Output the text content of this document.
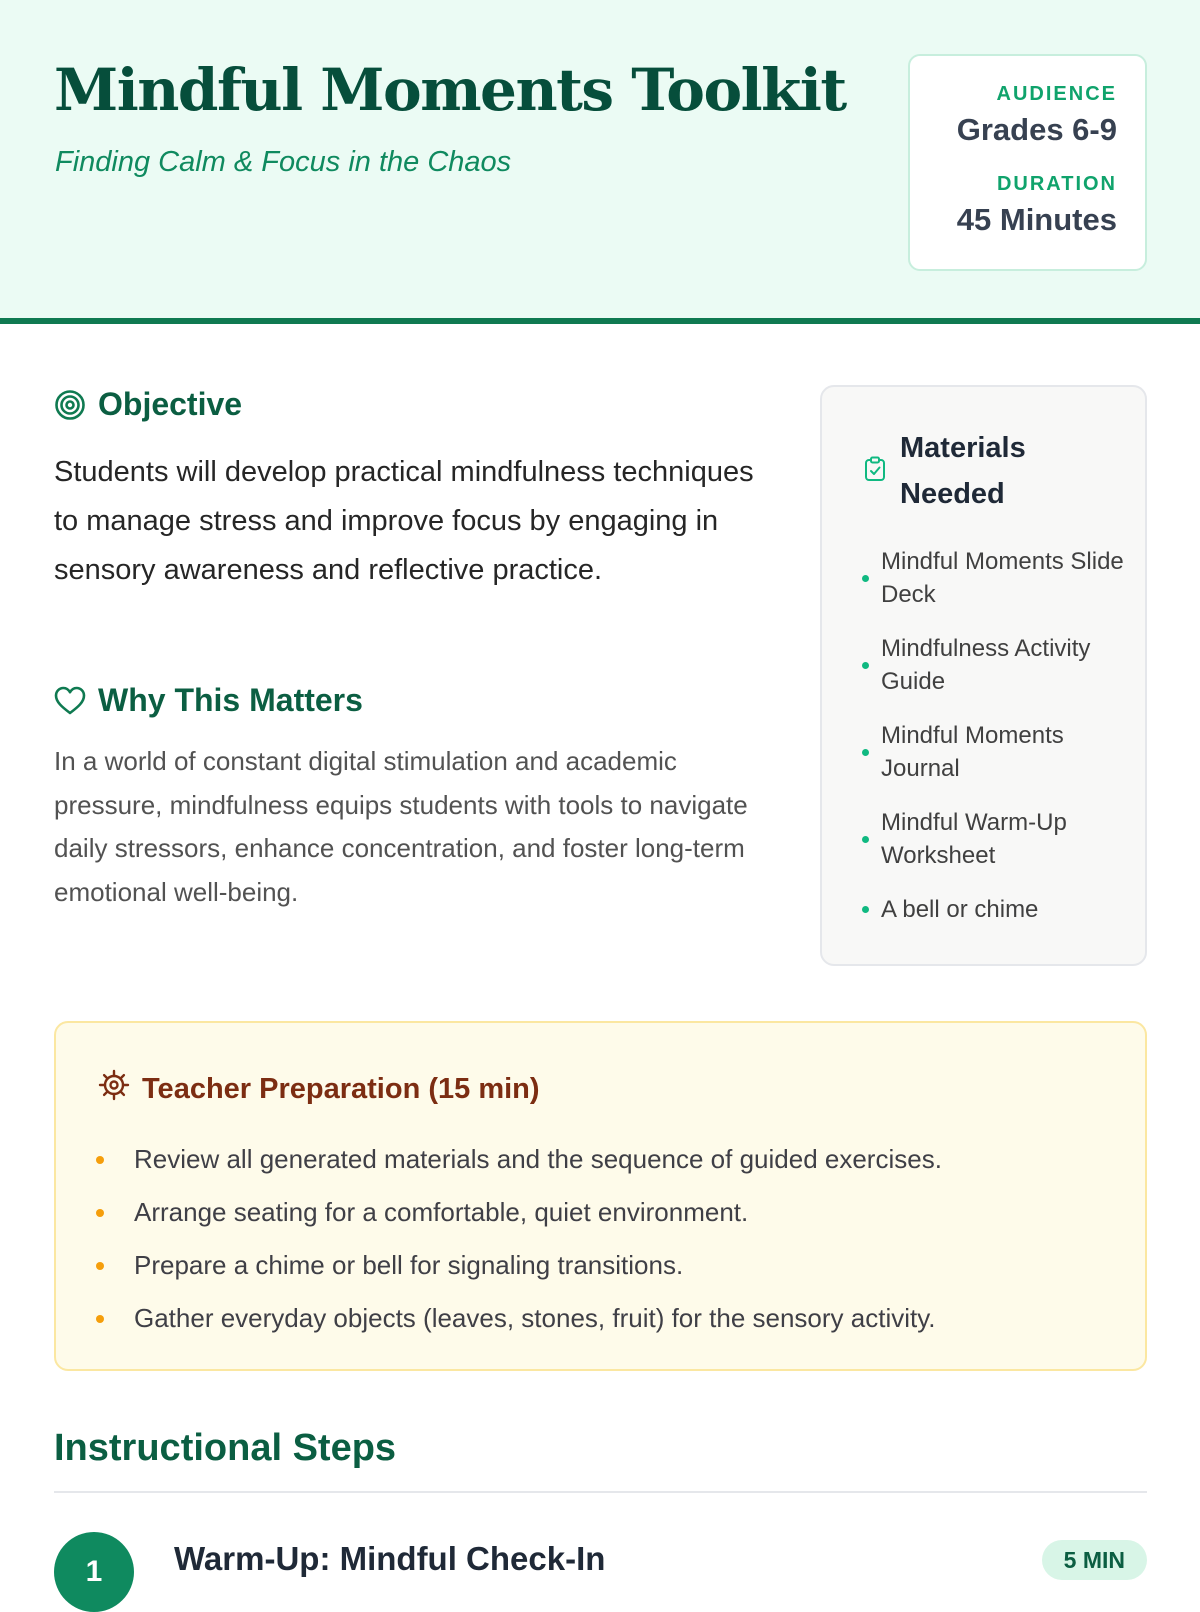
Mindful Moments Toolkit
Finding Calm & Focus in the Chaos
AUDIENCE
Grades 6-9
DURATION
45 Minutes
Objective

Students will develop practical mindfulness techniques to manage stress and improve focus by engaging in sensory awareness and reflective practice.

Why This Matters

In a world of constant digital stimulation and academic pressure, mindfulness equips students with tools to navigate daily stressors, enhance concentration, and foster long-term emotional well-being.

Materials Needed
Mindful Moments Slide Deck
Mindfulness Activity Guide
Mindful Moments Journal
Mindful Warm-Up Worksheet
A bell or chime
Teacher Preparation (15 min)
Review all generated materials and the sequence of guided exercises.
Arrange seating for a comfortable, quiet environment.
Prepare a chime or bell for signaling transitions.
Gather everyday objects (leaves, stones, fruit) for the sensory activity.
Instructional Steps
1	Warm-Up: Mindful Check-In	5 MIN
